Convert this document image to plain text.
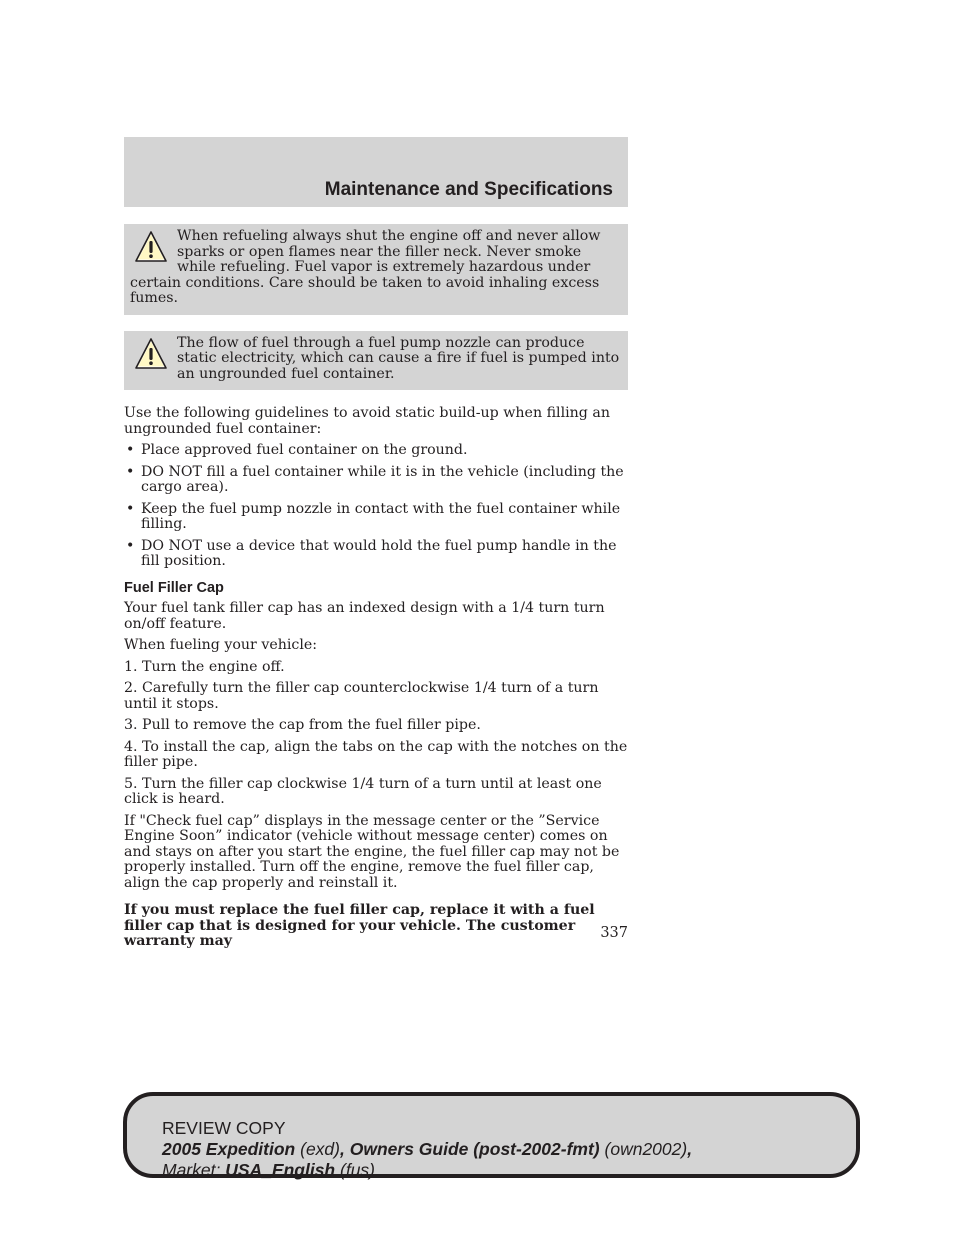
Maintenance and Specifications

When refueling always shut the engine off and never allow sparks or open flames near the filler neck. Never smoke while refueling. Fuel vapor is extremely hazardous under certain conditions. Care should be taken to avoid inhaling excess fumes.

The flow of fuel through a fuel pump nozzle can produce static electricity, which can cause a fire if fuel is pumped into an ungrounded fuel container.

Use the following guidelines to avoid static build-up when filling an ungrounded fuel container:

• Place approved fuel container on the ground.
• DO NOT fill a fuel container while it is in the vehicle (including the cargo area).
• Keep the fuel pump nozzle in contact with the fuel container while filling.
• DO NOT use a device that would hold the fuel pump handle in the fill position.
Fuel Filler Cap

Your fuel tank filler cap has an indexed design with a 1/4 turn turn on/off feature.

When fueling your vehicle:

1. Turn the engine off.

2. Carefully turn the filler cap counterclockwise 1/4 turn of a turn until it stops.

3. Pull to remove the cap from the fuel filler pipe.

4. To install the cap, align the tabs on the cap with the notches on the filler pipe.

5. Turn the filler cap clockwise 1/4 turn of a turn until at least one click is heard.

If "Check fuel cap” displays in the message center or the ”Service Engine Soon” indicator (vehicle without message center) comes on and stays on after you start the engine, the fuel filler cap may not be properly installed. Turn off the engine, remove the fuel filler cap, align the cap properly and reinstall it.

If you must replace the fuel filler cap, replace it with a fuel filler cap that is designed for your vehicle. The customer warranty may	337
REVIEW COPY
2005 Expedition (exd), Owners Guide (post-2002-fmt) (own2002),
Market: USA_English (fus)
